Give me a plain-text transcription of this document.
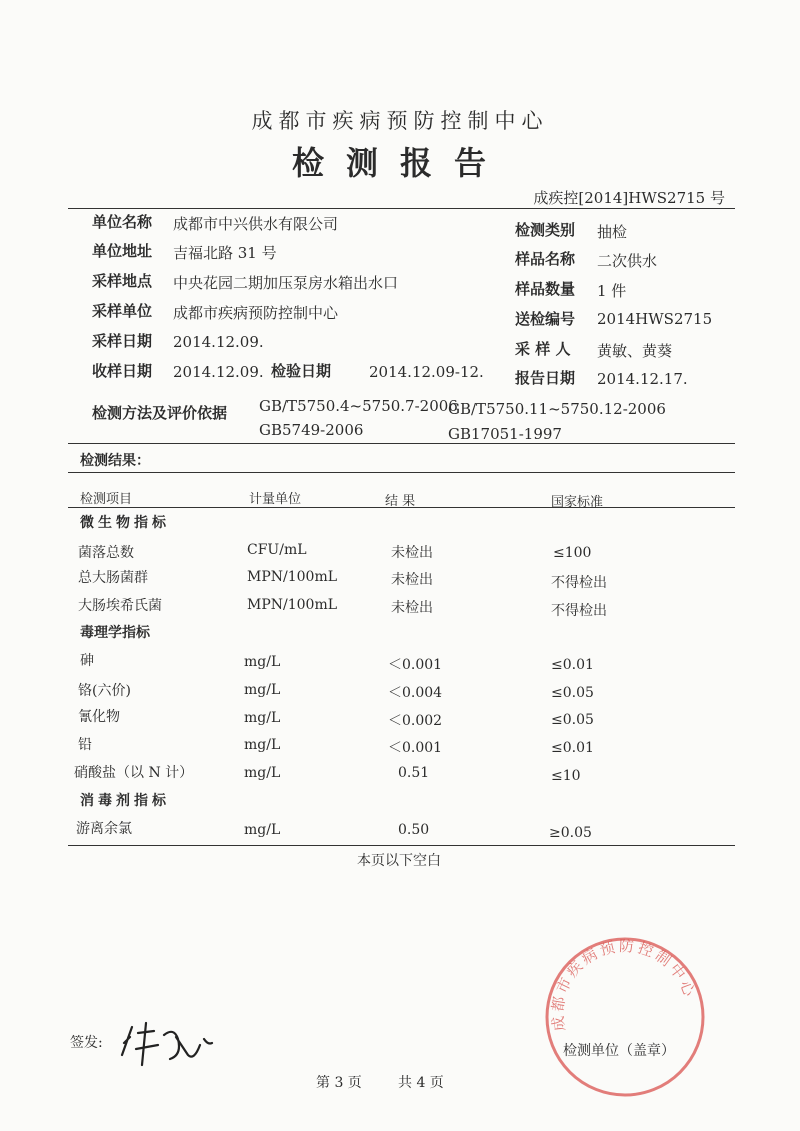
成都市疾病预防控制中心
检测报告
成疾控[2014]HWS2715 号
单位名称 成都市中兴供水有限公司
单位地址 吉福北路 31 号
采样地点 中央花园二期加压泵房水箱出水口
采样单位 成都市疾病预防控制中心
采样日期 2014.12.09.
收样日期 2014.12.09. 检验日期	2014.12.09-12.
检测类别 抽检
样品名称 二次供水
样品数量 1 件
送检编号 2014HWS2715
采 样 人 黄敏、黄葵
报告日期 2014.12.17.
检测方法及评价依据 GB/T5750.4~5750.7-2006
GB/T5750.11~5750.12-2006
GB5749-2006	GB17051-1997
检测结果：
检测项目	计量单位	结 果	国家标准
微生物指标
菌落总数	CFU/mL	未检出	≤100
总大肠菌群	MPN/100mL	未检出	不得检出
大肠埃希氏菌	MPN/100mL	未检出	不得检出
毒理学指标
砷	mg/L	＜0.001	≤0.01
铬(六价)	mg/L	＜0.004	≤0.05
氰化物	mg/L	＜0.002	≤0.05
铅	mg/L	＜0.001	≤0.01
硝酸盐（以 N 计）	mg/L	0.51	≤10
消毒剂指标
游离余氯	mg/L	0.50	≥0.05
本页以下空白
成都市疾病预防控制中心
签发:	检测单位（盖章）
第 3 页	共 4 页
